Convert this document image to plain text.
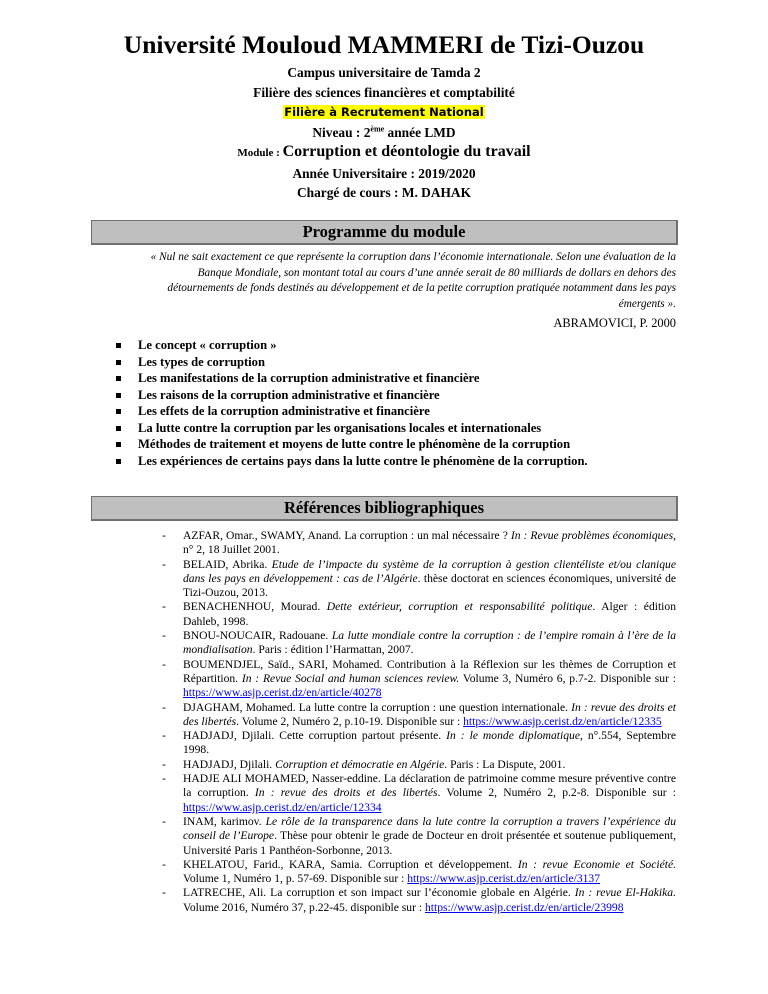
Université Mouloud MAMMERI de Tizi-Ouzou
Campus universitaire de Tamda 2
Filière des sciences financières et comptabilité
Filière à Recrutement National
Niveau : 2ème année LMD
Module : Corruption et déontologie du travail
Année Universitaire : 2019/2020
Chargé de cours : M. DAHAK
Programme du module
« Nul ne sait exactement ce que représente la corruption dans l’économie internationale. Selon une évaluation de la Banque Mondiale, son montant total au cours d’une année serait de 80 milliards de dollars en dehors des détournements de fonds destinés au développement et de la petite corruption pratiquée notamment dans les pays émergents ».
ABRAMOVICI, P. 2000
Le concept « corruption »
Les types de corruption
Les manifestations de la corruption administrative et financière
Les raisons de la corruption administrative et financière
Les effets de la corruption administrative et financière
La lutte contre la corruption par les organisations locales et internationales
Méthodes de traitement et moyens de lutte contre le phénomène de la corruption
Les expériences de certains pays dans la lutte contre le phénomène de la corruption.
Références bibliographiques
- AZFAR, Omar., SWAMY, Anand. La corruption : un mal nécessaire ? In : Revue problèmes économiques, n° 2, 18 Juillet 2001.
- BELAID, Abrika. Etude de l’impacte du système de la corruption à gestion clientéliste et/ou clanique dans les pays en développement : cas de l’Algérie. thèse doctorat en sciences économiques, université de Tizi-Ouzou, 2013.
- BENACHENHOU, Mourad. Dette extérieur, corruption et responsabilité politique. Alger : édition Dahleb, 1998.
- BNOU-NOUCAIR, Radouane. La lutte mondiale contre la corruption : de l’empire romain à l’ère de la mondialisation. Paris : édition l’Harmattan, 2007.
- BOUMENDJEL, Saïd., SARI, Mohamed. Contribution à la Réflexion sur les thèmes de Corruption et Répartition. In : Revue Social and human sciences review. Volume 3, Numéro 6, p.7-2. Disponible sur : https://www.asjp.cerist.dz/en/article/40278
- DJAGHAM, Mohamed. La lutte contre la corruption : une question internationale. In : revue des droits et des libertés. Volume 2, Numéro 2, p.10-19. Disponible sur : https://www.asjp.cerist.dz/en/article/12335
- HADJADJ, Djilali. Cette corruption partout présente. In : le monde diplomatique, n°.554, Septembre 1998.
- HADJADJ, Djilali. Corruption et démocratie en Algérie. Paris : La Dispute, 2001.
- HADJE ALI MOHAMED, Nasser-eddine. La déclaration de patrimoine comme mesure préventive contre la corruption. In : revue des droits et des libertés. Volume 2, Numéro 2, p.2-8. Disponible sur : https://www.asjp.cerist.dz/en/article/12334
- INAM, karimov. Le rôle de la transparence dans la lute contre la corruption a travers l’expérience du conseil de l’Europe. Thèse pour obtenir le grade de Docteur en droit présentée et soutenue publiquement, Université Paris 1 Panthéon-Sorbonne, 2013.
- KHELATOU, Farid., KARA, Samia. Corruption et développement. In : revue Economie et Société. Volume 1, Numéro 1, p. 57-69. Disponible sur : https://www.asjp.cerist.dz/en/article/3137
- LATRECHE, Ali. La corruption et son impact sur l’économie globale en Algérie. In : revue El-Hakika. Volume 2016, Numéro 37, p.22-45. disponible sur : https://www.asjp.cerist.dz/en/article/23998
